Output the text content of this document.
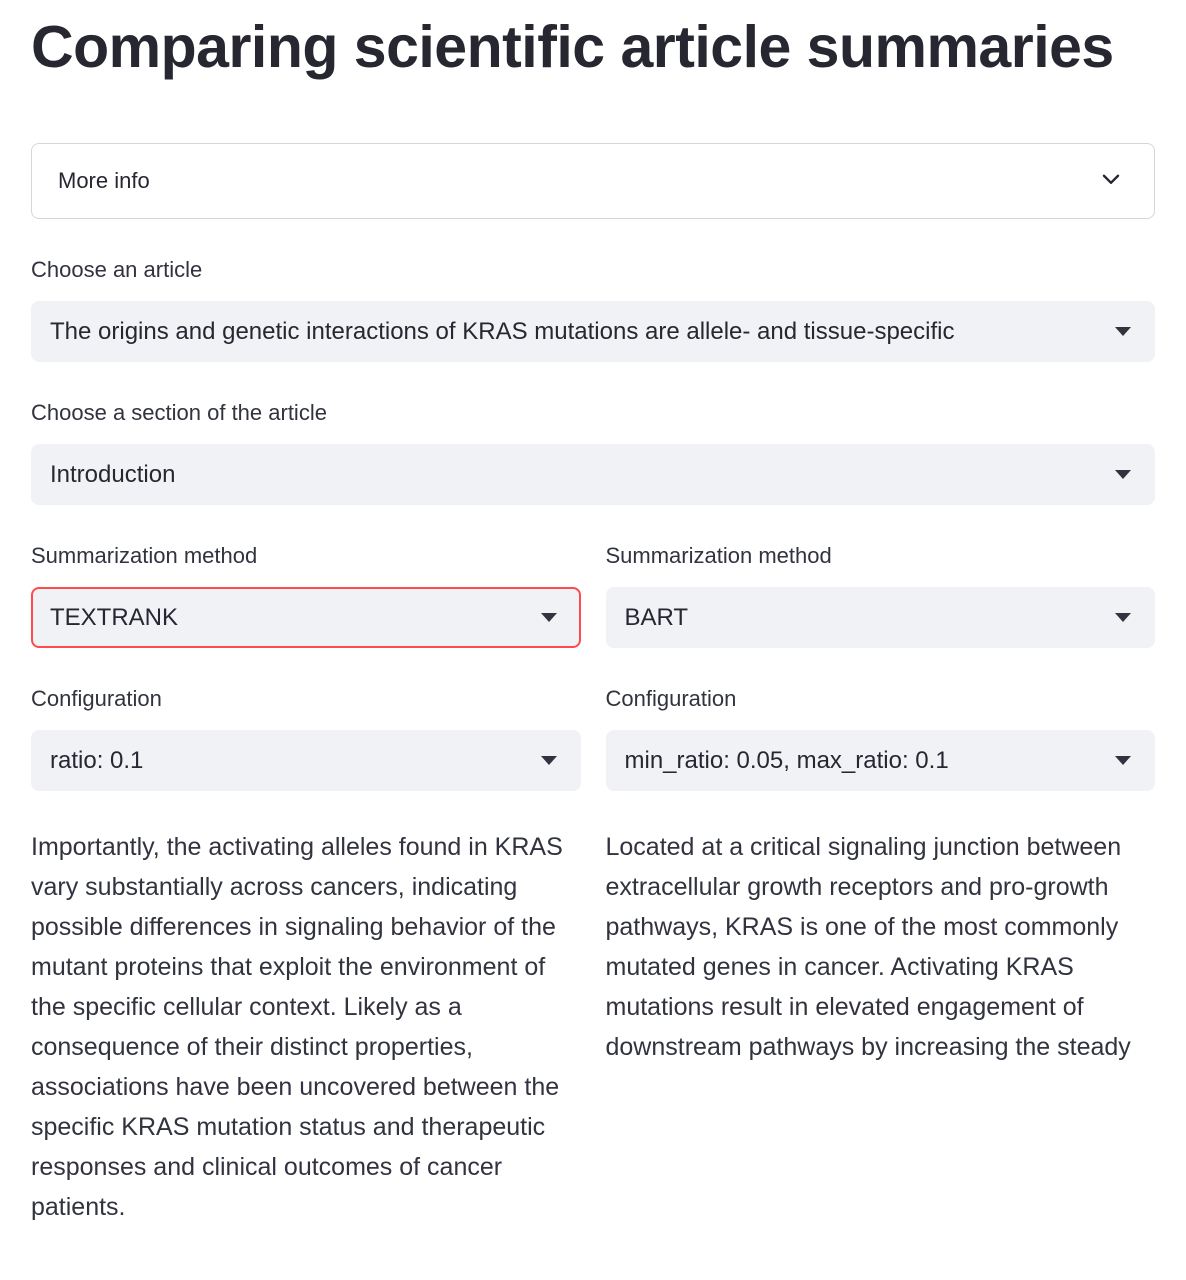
Comparing scientific article summaries
More info
Choose an article
The origins and genetic interactions of KRAS mutations are allele- and tissue-specific
Choose a section of the article
Introduction
Summarization method
TEXTRANK
Configuration
ratio: 0.1

Importantly, the activating alleles found in KRAS vary substantially across cancers, indicating possible differences in signaling behavior of the mutant proteins that exploit the environment of the specific cellular context. Likely as a consequence of their distinct properties, associations have been uncovered between the specific KRAS mutation status and therapeutic responses and clinical outcomes of cancer patients.

Summarization method
BART
Configuration
min_ratio: 0.05, max_ratio: 0.1

Located at a critical signaling junction between extracellular growth receptors and pro-growth pathways, KRAS is one of the most commonly mutated genes in cancer. Activating KRAS mutations result in elevated engagement of downstream pathways by increasing the steady
